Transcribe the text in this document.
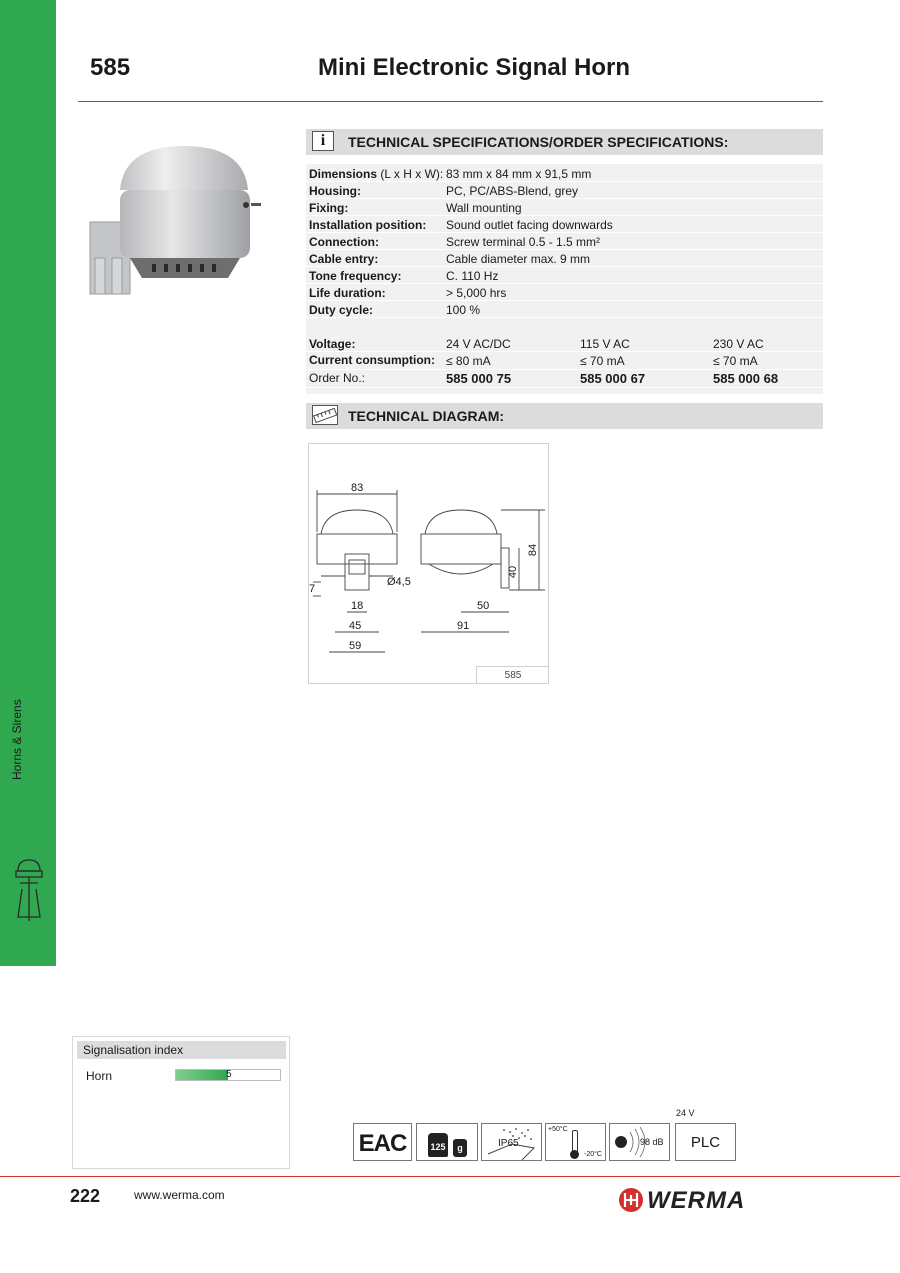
Horns & Sirens
585	Mini Electronic Signal Horn
i	TECHNICAL SPECIFICATIONS/ORDER SPECIFICATIONS:
Dimensions (L x H x W): 83 mm x 84 mm x 91,5 mm
Housing:	PC, PC/ABS-Blend, grey
Fixing:	Wall mounting
Installation position: Sound outlet facing downwards
Connection:	Screw terminal 0.5 - 1.5 mm²
Cable entry:	Cable diameter max. 9 mm
Tone frequency:	C. 110 Hz
Life duration:	> 5,000 hrs
Duty cycle:	100 %
Voltage:	24 V AC/DC	115 V AC	230 V AC
Current consumption: ≤ 80 mA	≤ 70 mA	≤ 70 mA
Order No.:	585 000 75	585 000 67	585 000 68
TECHNICAL DIAGRAM:
83
84
40
7
Ø4,5
18
45
59
50
91
585
Signalisation index
Horn	5
EAC	125	g	IP65
+50°C
-20°C
98 dB
24 V
PLC
222	www.werma.com	WERMA
